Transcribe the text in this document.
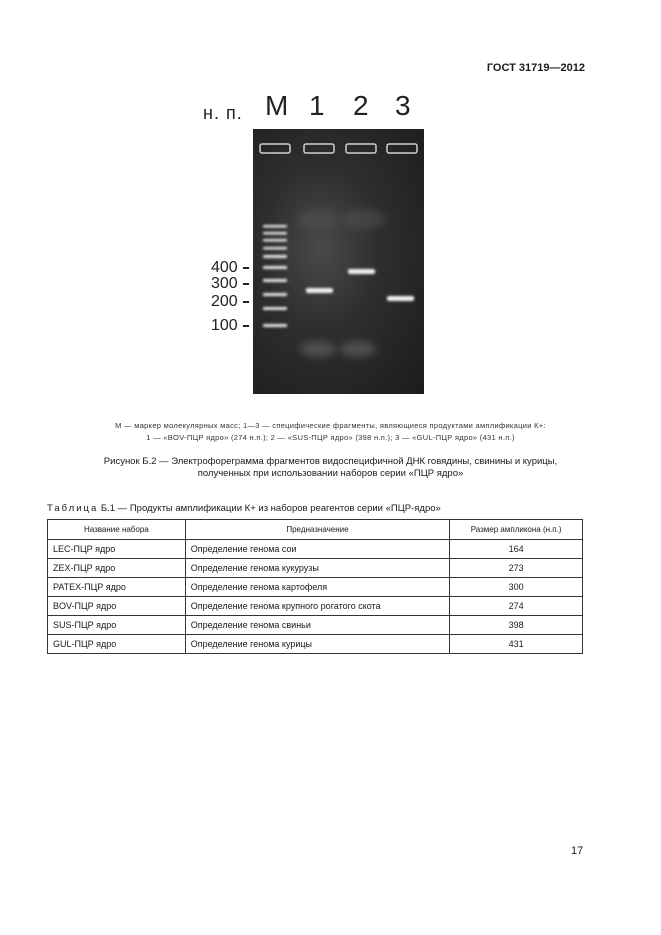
ГОСТ 31719—2012
н. п. M 1 2 3
400
300
200
100
М — маркер молекулярных масс; 1—3 — специфические фрагменты, являющиеся продуктами амплификации К+:
1 — «BOV-ПЦР ядро» (274 н.п.); 2 — «SUS-ПЦР ядро» (398 н.п.); 3 — «GUL-ПЦР ядро» (431 н.п.)
Рисунок Б.2 — Электрофореграмма фрагментов видоспецифичной ДНК говядины, свинины и курицы,
полученных при использовании наборов серии «ПЦР ядро»
Таблица Б.1 — Продукты амплификации К+ из наборов реагентов серии «ПЦР-ядро»
Название набора	Предназначение	Размер ампликона (н.п.)
LEC-ПЦР ядро	Определение генома сои	164
ZEX-ПЦР ядро	Определение генома кукурузы	273
PATEX-ПЦР ядро	Определение генома картофеля	300
BOV-ПЦР ядро	Определение генома крупного рогатого скота	274
SUS-ПЦР ядро	Определение генома свиньи	398
GUL-ПЦР ядро	Определение генома курицы	431
17
